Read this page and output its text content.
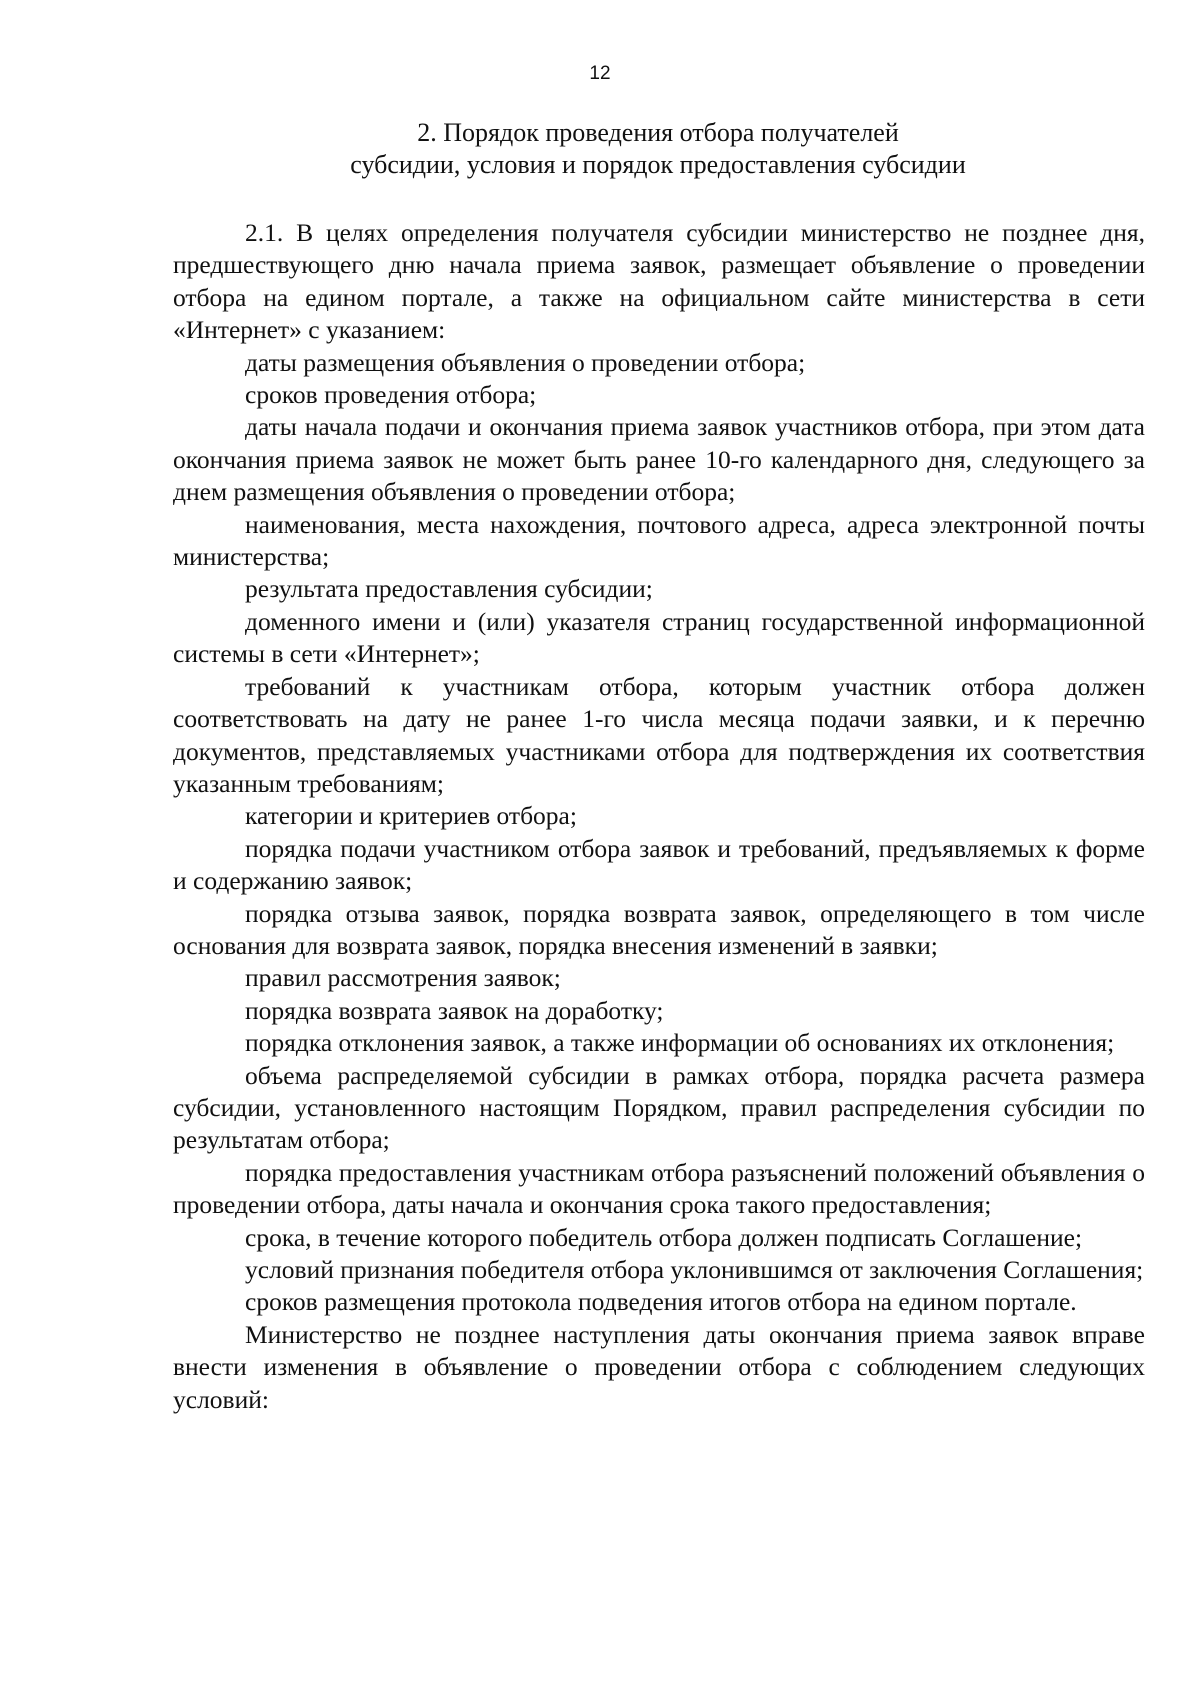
12
2. Порядок проведения отбора получателей
субсидии, условия и порядок предоставления субсидии

2.1. В целях определения получателя субсидии министерство не позднее дня, предшествующего дню начала приема заявок, размещает объявление о проведении отбора на едином портале, а также на официальном сайте министерства в сети «Интернет» с указанием:

даты размещения объявления о проведении отбора;

сроков проведения отбора;

даты начала подачи и окончания приема заявок участников отбора, при этом дата окончания приема заявок не может быть ранее 10-го календарного дня, следующего за днем размещения объявления о проведении отбора;

наименования, места нахождения, почтового адреса, адреса электронной почты министерства;

результата предоставления субсидии;

доменного имени и (или) указателя страниц государственной информационной системы в сети «Интернет»;

требований к участникам отбора, которым участник отбора должен соответствовать на дату не ранее 1-го числа месяца подачи заявки, и к перечню документов, представляемых участниками отбора для подтверждения их соответствия указанным требованиям;

категории и критериев отбора;

порядка подачи участником отбора заявок и требований, предъявляемых к форме и содержанию заявок;

порядка отзыва заявок, порядка возврата заявок, определяющего в том числе основания для возврата заявок, порядка внесения изменений в заявки;

правил рассмотрения заявок;

порядка возврата заявок на доработку;

порядка отклонения заявок, а также информации об основаниях их отклонения;

объема распределяемой субсидии в рамках отбора, порядка расчета размера субсидии, установленного настоящим Порядком, правил распределения субсидии по результатам отбора;

порядка предоставления участникам отбора разъяснений положений объявления о проведении отбора, даты начала и окончания срока такого предоставления;

срока, в течение которого победитель отбора должен подписать Соглашение;

условий признания победителя отбора уклонившимся от заключения Соглашения;

сроков размещения протокола подведения итогов отбора на едином портале.

Министерство не позднее наступления даты окончания приема заявок вправе внести изменения в объявление о проведении отбора с соблюдением следующих условий:
